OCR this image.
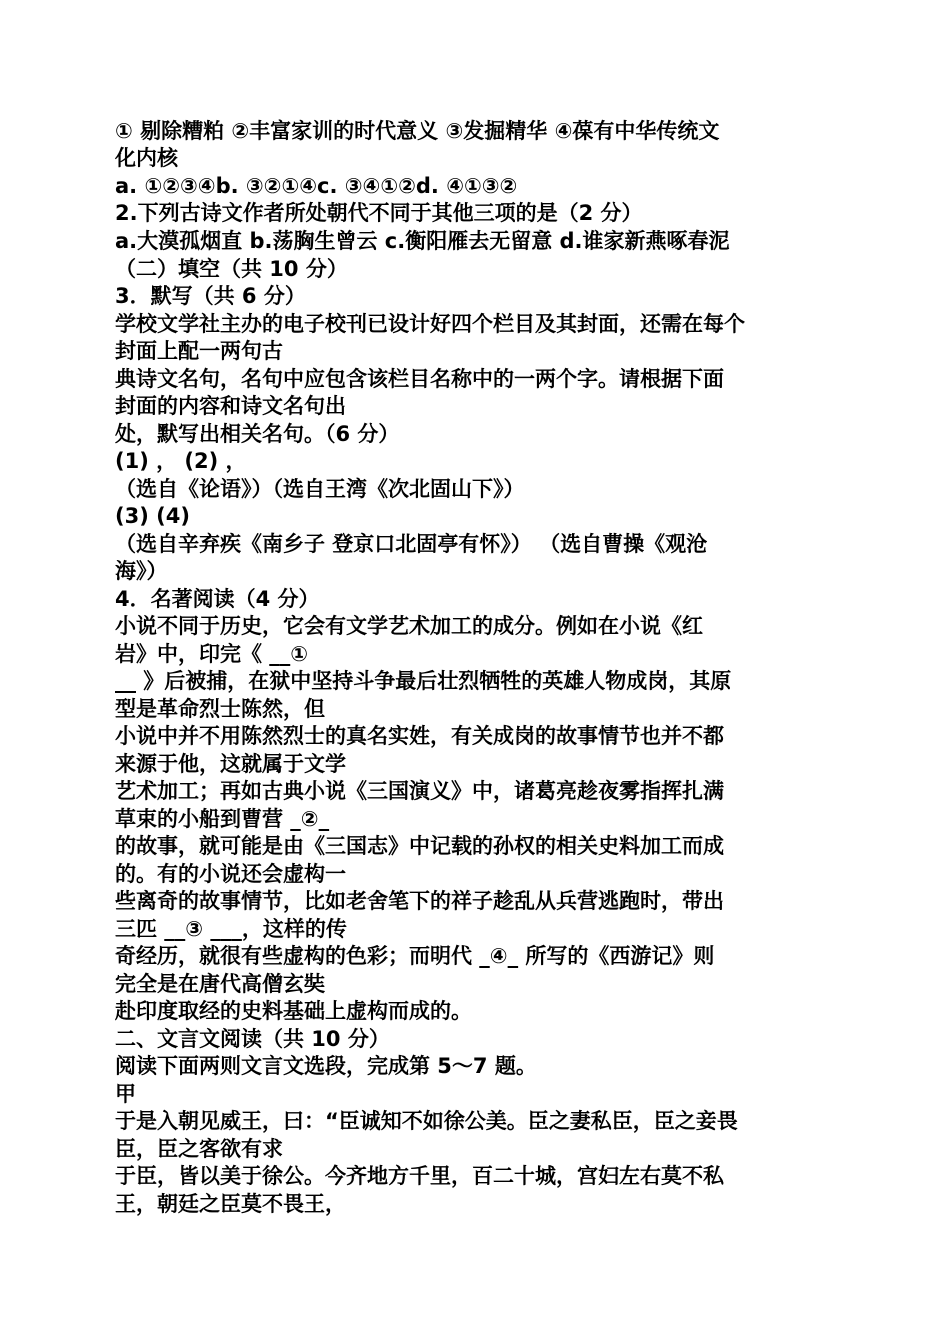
① 剔除糟粕 ②丰富家训的时代意义 ③发掘精华 ④葆有中华传统文
化内核
a. ①②③④b. ③②①④c. ③④①②d. ④①③②
2.下列古诗文作者所处朝代不同于其他三项的是（2 分）
a.大漠孤烟直 b.荡胸生曾云 c.衡阳雁去无留意 d.谁家新燕啄春泥
（二）填空（共 10 分）
3．默写（共 6 分）
学校文学社主办的电子校刊已设计好四个栏目及其封面，还需在每个
封面上配一两句古
典诗文名句，名句中应包含该栏目名称中的一两个字。请根据下面
封面的内容和诗文名句出
处，默写出相关名句。（6 分）
(1) ， (2) ，
（选自《论语》）（选自王湾《次北固山下》）
(3) (4)
（选自辛弃疾《南乡子 登京口北固亭有怀》） （选自曹操《观沧
海》）
4．名著阅读（4 分）
小说不同于历史，它会有文学艺术加工的成分。例如在小说《红
岩》中，印完《 __①
__ 》后被捕，在狱中坚持斗争最后壮烈牺牲的英雄人物成岗，其原
型是革命烈士陈然，但
小说中并不用陈然烈士的真名实姓，有关成岗的故事情节也并不都
来源于他，这就属于文学
艺术加工；再如古典小说《三国演义》中，诸葛亮趁夜雾指挥扎满
草束的小船到曹营 _②_
的故事，就可能是由《三国志》中记载的孙权的相关史料加工而成
的。有的小说还会虚构一
些离奇的故事情节，比如老舍笔下的祥子趁乱从兵营逃跑时，带出
三匹 __③ ___，这样的传
奇经历，就很有些虚构的色彩；而明代 _④_ 所写的《西游记》则
完全是在唐代高僧玄奘
赴印度取经的史料基础上虚构而成的。
二、文言文阅读（共 10 分）
阅读下面两则文言文选段，完成第 5～7 题。
甲
于是入朝见威王，曰：“臣诚知不如徐公美。臣之妻私臣，臣之妾畏
臣，臣之客欲有求
于臣，皆以美于徐公。今齐地方千里，百二十城，宫妇左右莫不私
王，朝廷之臣莫不畏王，
